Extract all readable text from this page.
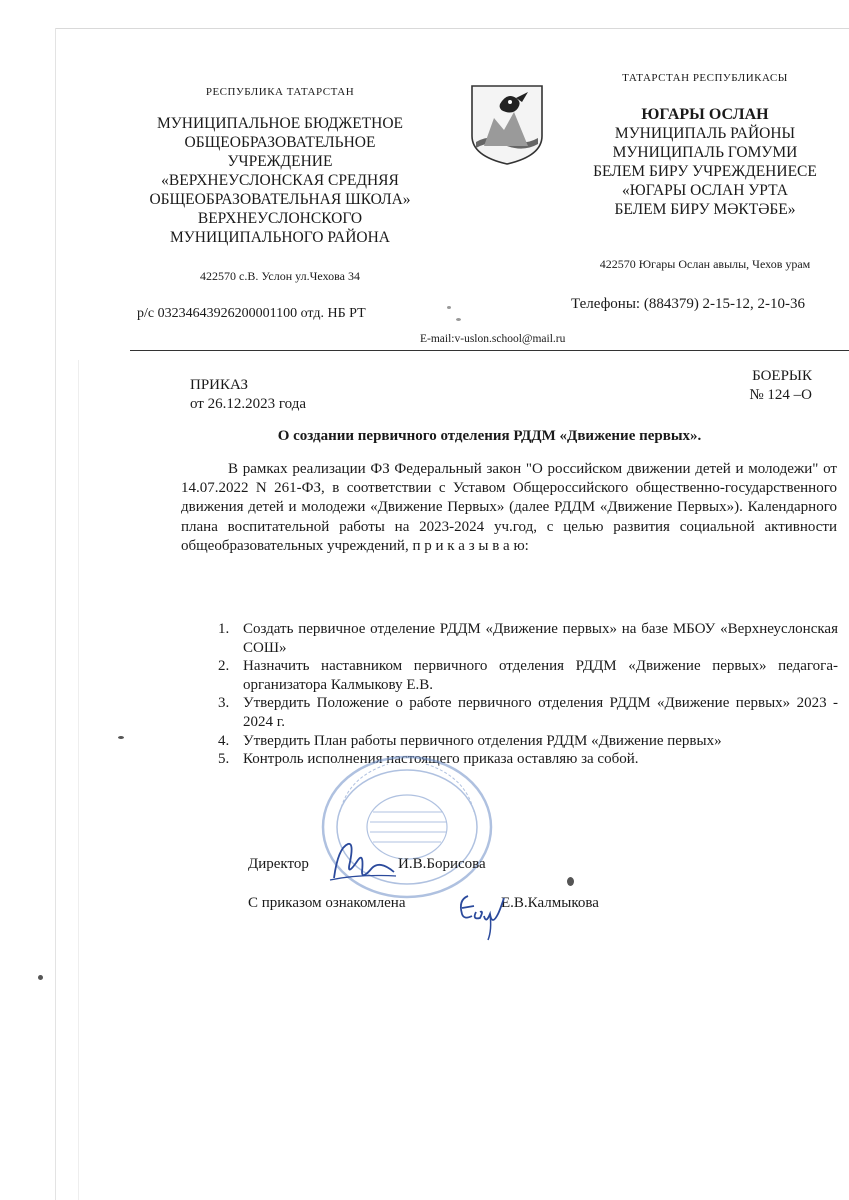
РЕСПУБЛИКА ТАТАРСТАН
МУНИЦИПАЛЬНОЕ БЮДЖЕТНОЕ
ОБЩЕОБРАЗОВАТЕЛЬНОЕ
УЧРЕЖДЕНИЕ
«ВЕРХНЕУСЛОНСКАЯ СРЕДНЯЯ
ОБЩЕОБРАЗОВАТЕЛЬНАЯ ШКОЛА»
ВЕРХНЕУСЛОНСКОГО
МУНИЦИПАЛЬНОГО РАЙОНА
422570 с.В. Услон ул.Чехова 34
ТАТАРСТАН РЕСПУБЛИКАСЫ
ЮГАРЫ ОСЛАН
МУНИЦИПАЛЬ РАЙОНЫ
МУНИЦИПАЛЬ ГОМУМИ
БЕЛЕМ БИРУ УЧРЕЖДЕНИЕСЕ
«ЮГАРЫ ОСЛАН УРТА
БЕЛЕМ БИРУ МӘКТӘБЕ»
422570 Югары Ослан авылы, Чехов урам
р/с 03234643926200001100 отд. НБ РТ
Телефоны: (884379) 2-15-12, 2-10-36
E-mail:v-uslon.school@mail.ru
ПРИКАЗ
от 26.12.2023 года
БОЕРЫК
№ 124 –О
О создании первичного отделения РДДМ «Движение первых».
В рамках реализации ФЗ Федеральный закон "О российском движении детей и молодежи" от 14.07.2022 N 261-ФЗ, в соответствии с Уставом Общероссийского общественно-государственного движения детей и молодежи «Движение Первых» (далее РДДМ «Движение Первых»). Календарного плана воспитательной работы на 2023-2024 уч.год, с целью развития социальной активности общеобразовательных учреждений, п р и к а з ы в а ю:
1. Создать первичное отделение РДДМ «Движение первых» на базе МБОУ «Верхнеуслонская СОШ»
2. Назначить наставником первичного отделения РДДМ «Движение первых» педагога-организатора Калмыкову Е.В.
3. Утвердить Положение о работе первичного отделения РДДМ «Движение первых» 2023 - 2024 г.
4. Утвердить План работы первичного отделения РДДМ «Движение первых»
5. Контроль исполнения настоящего приказа оставляю за собой.
Директор	И.В.Борисова
С приказом ознакомлена	Е.В.Калмыкова
